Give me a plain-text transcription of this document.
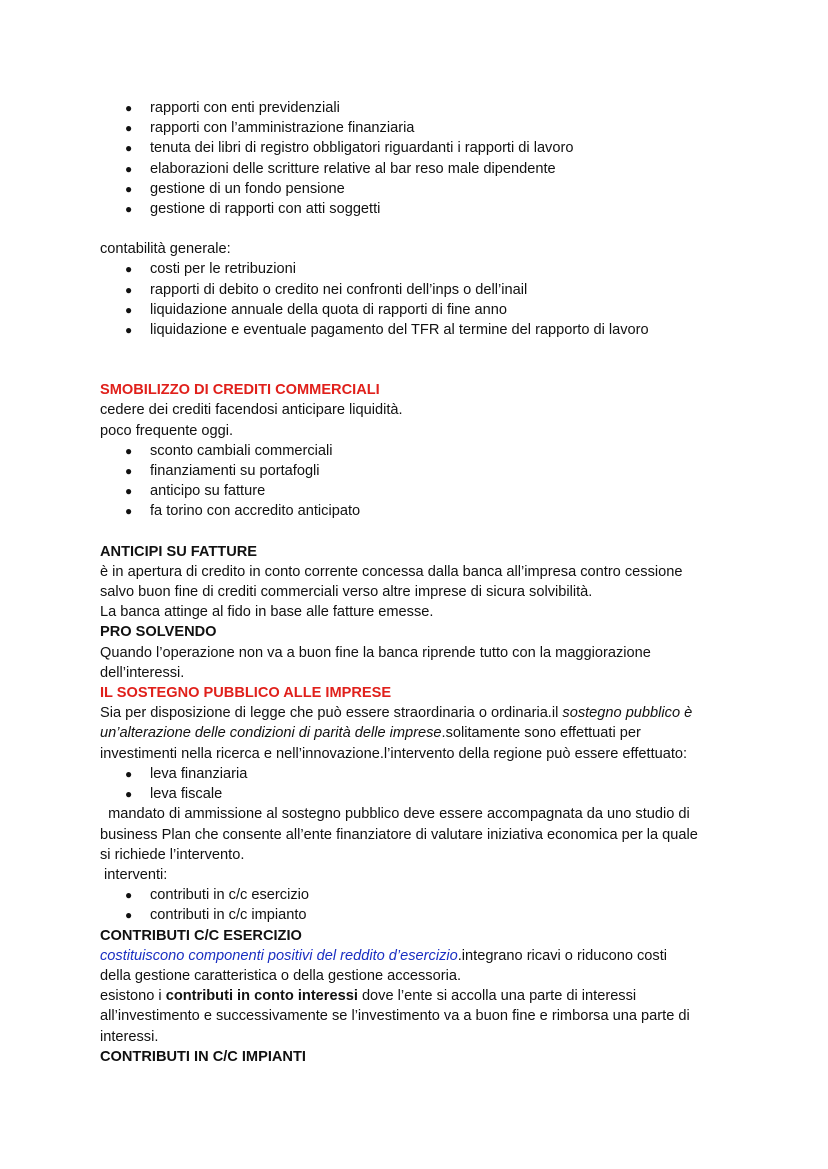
● rapporti con enti previdenziali
● rapporti con l’amministrazione finanziaria
● tenuta dei libri di registro obbligatori riguardanti i rapporti di lavoro
● elaborazioni delle scritture relative al bar reso male dipendente
● gestione di un fondo pensione
● gestione di rapporti con atti soggetti

contabilità generale:

● costi per le retribuzioni
● rapporti di debito o credito nei confronti dell’inps o dell’inail
● liquidazione annuale della quota di rapporti di fine anno
● liquidazione e eventuale pagamento del TFR al termine del rapporto di lavoro

SMOBILIZZO DI CREDITI COMMERCIALI

cedere dei crediti facendosi anticipare liquidità.

poco frequente oggi.

● sconto cambiali commerciali
● finanziamenti su portafogli
● anticipo su fatture
● fa torino con accredito anticipato

ANTICIPI SU FATTURE

è in apertura di credito in conto corrente concessa dalla banca all’impresa contro cessione

salvo buon fine di crediti commerciali verso altre imprese di sicura solvibilità.

La banca attinge al fido in base alle fatture emesse.

PRO SOLVENDO

Quando l’operazione non va a buon fine la banca riprende tutto con la maggiorazione

dell’interessi.

IL SOSTEGNO PUBBLICO ALLE IMPRESE

Sia per disposizione di legge che può essere straordinaria o ordinaria.il sostegno pubblico è

un’alterazione delle condizioni di parità delle imprese.solitamente sono effettuati per

investimenti nella ricerca e nell’innovazione.l’intervento della regione può essere effettuato:

● leva finanziaria
● leva fiscale

mandato di ammissione al sostegno pubblico deve essere accompagnata da uno studio di

business Plan che consente all’ente finanziatore di valutare iniziativa economica per la quale

si richiede l’intervento.

interventi:

● contributi in c/c esercizio
● contributi in c/c impianto

CONTRIBUTI C/C ESERCIZIO

costituiscono componenti positivi del reddito d’esercizio.integrano ricavi o riducono costi

della gestione caratteristica o della gestione accessoria.

esistono i contributi in conto interessi dove l’ente si accolla una parte di interessi

all’investimento e successivamente se l’investimento va a buon fine e rimborsa una parte di

interessi.

CONTRIBUTI IN C/C IMPIANTI
